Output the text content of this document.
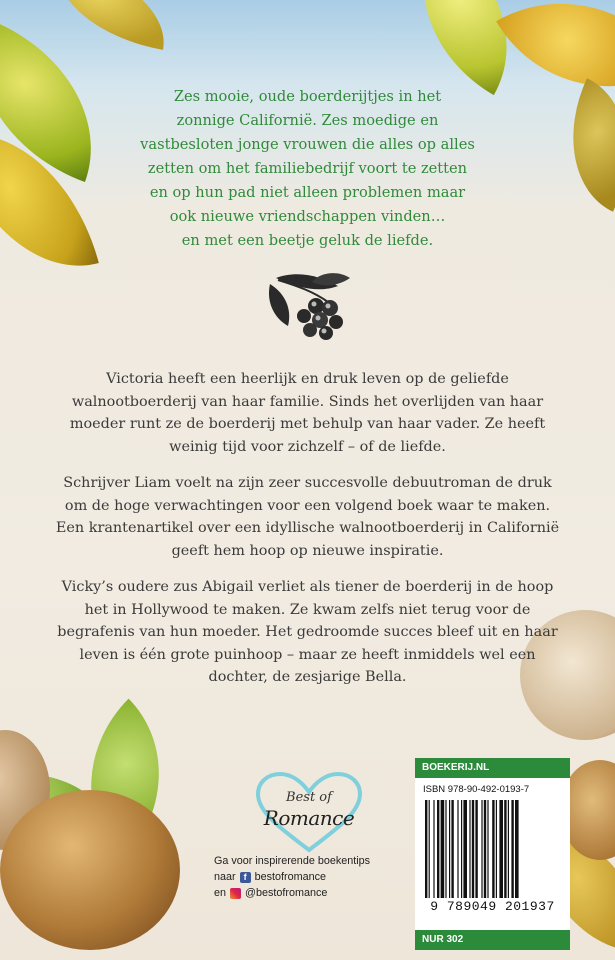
Zes mooie, oude boerderijtjes in het
zonnige Californië. Zes moedige en
vastbesloten jonge vrouwen die alles op alles
zetten om het familiebedrijf voort te zetten
en op hun pad niet alleen problemen maar
ook nieuwe vriendschappen vinden…
en met een beetje geluk de liefde.

Victoria heeft een heerlijk en druk leven op de geliefde walnootboerderij van haar familie. Sinds het overlijden van haar moeder runt ze de boerderij met behulp van haar vader. Ze heeft weinig tijd voor zichzelf – of de liefde.

Schrijver Liam voelt na zijn zeer succesvolle debuutroman de druk om de hoge verwachtingen voor een volgend boek waar te maken. Een krantenartikel over een idyllische walnootboerderij in Californië geeft hem hoop op nieuwe inspiratie.

Vicky’s oudere zus Abigail verliet als tiener de boerderij in de hoop het in Hollywood te maken. Ze kwam zelfs niet terug voor de begrafenis van hun moeder. Het gedroomde succes bleef uit en haar leven is één grote puinhoop – maar ze heeft inmiddels wel een dochter, de zesjarige Bella.

Best of
Romance
Ga voor inspirerende boekentips
naar f bestofromance
en @bestofromance
BOEKERIJ.NL
ISBN 978-90-492-0193-7
9 789049 201937
NUR 302
